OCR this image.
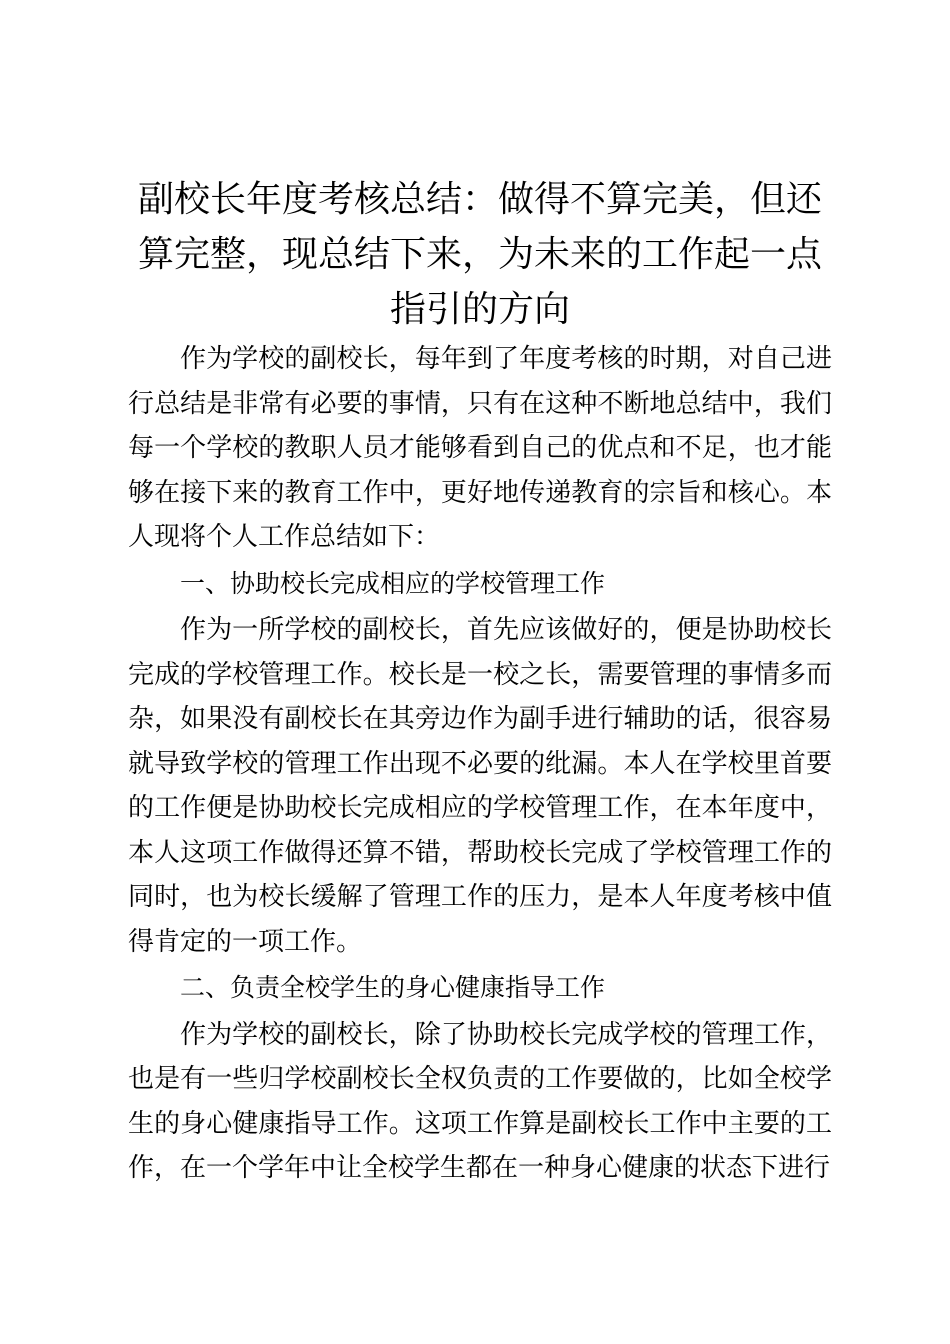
副校长年度考核总结：做得不算完美，但还算完整，现总结下来，为未来的工作起一点指引的方向

作为学校的副校长，每年到了年度考核的时期，对自己进行总结是非常有必要的事情，只有在这种不断地总结中，我们每一个学校的教职人员才能够看到自己的优点和不足，也才能够在接下来的教育工作中，更好地传递教育的宗旨和核心。本人现将个人工作总结如下：

一、协助校长完成相应的学校管理工作

作为一所学校的副校长，首先应该做好的，便是协助校长完成的学校管理工作。校长是一校之长，需要管理的事情多而杂，如果没有副校长在其旁边作为副手进行辅助的话，很容易就导致学校的管理工作出现不必要的纰漏。本人在学校里首要的工作便是协助校长完成相应的学校管理工作，在本年度中，本人这项工作做得还算不错，帮助校长完成了学校管理工作的同时，也为校长缓解了管理工作的压力，是本人年度考核中值得肯定的一项工作。

二、负责全校学生的身心健康指导工作

作为学校的副校长，除了协助校长完成学校的管理工作，也是有一些归学校副校长全权负责的工作要做的，比如全校学生的身心健康指导工作。这项工作算是副校长工作中主要的工作，在一个学年中让全校学生都在一种身心健康的状态下进行
